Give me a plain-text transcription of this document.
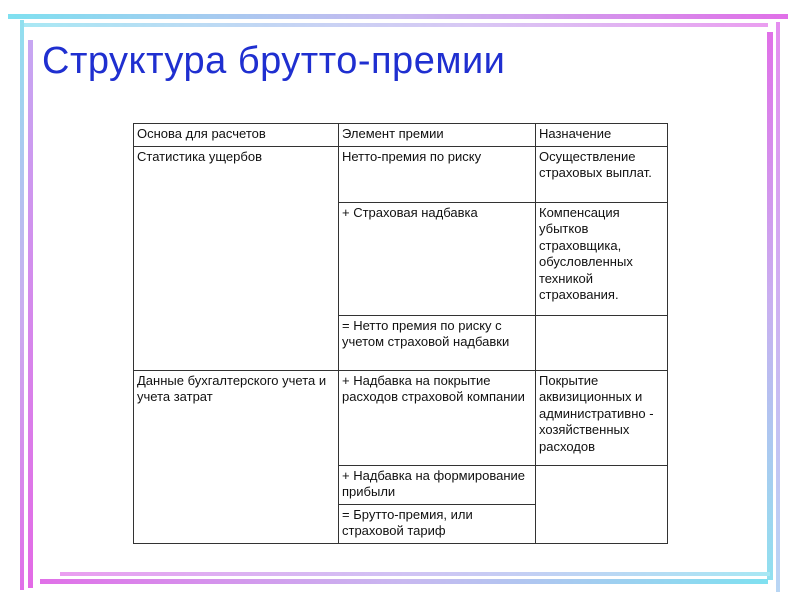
Структура брутто-премии
Основа для расчетов	Элемент премии	Назначение
Статистика ущербов	Нетто-премия по риску	Осуществление страховых выплат.
	+ Страховая надбавка	Компенсация убытков страховщика, обусловленных техникой страхования.
	= Нетто премия по риску с учетом страховой надбавки	
Данные бухгалтерского учета и учета затрат	+ Надбавка на покрытие расходов страховой компании	Покрытие аквизиционных и административно - хозяйственных расходов
	+ Надбавка на формирование прибыли	
	= Брутто-премия, или страховой тариф	
